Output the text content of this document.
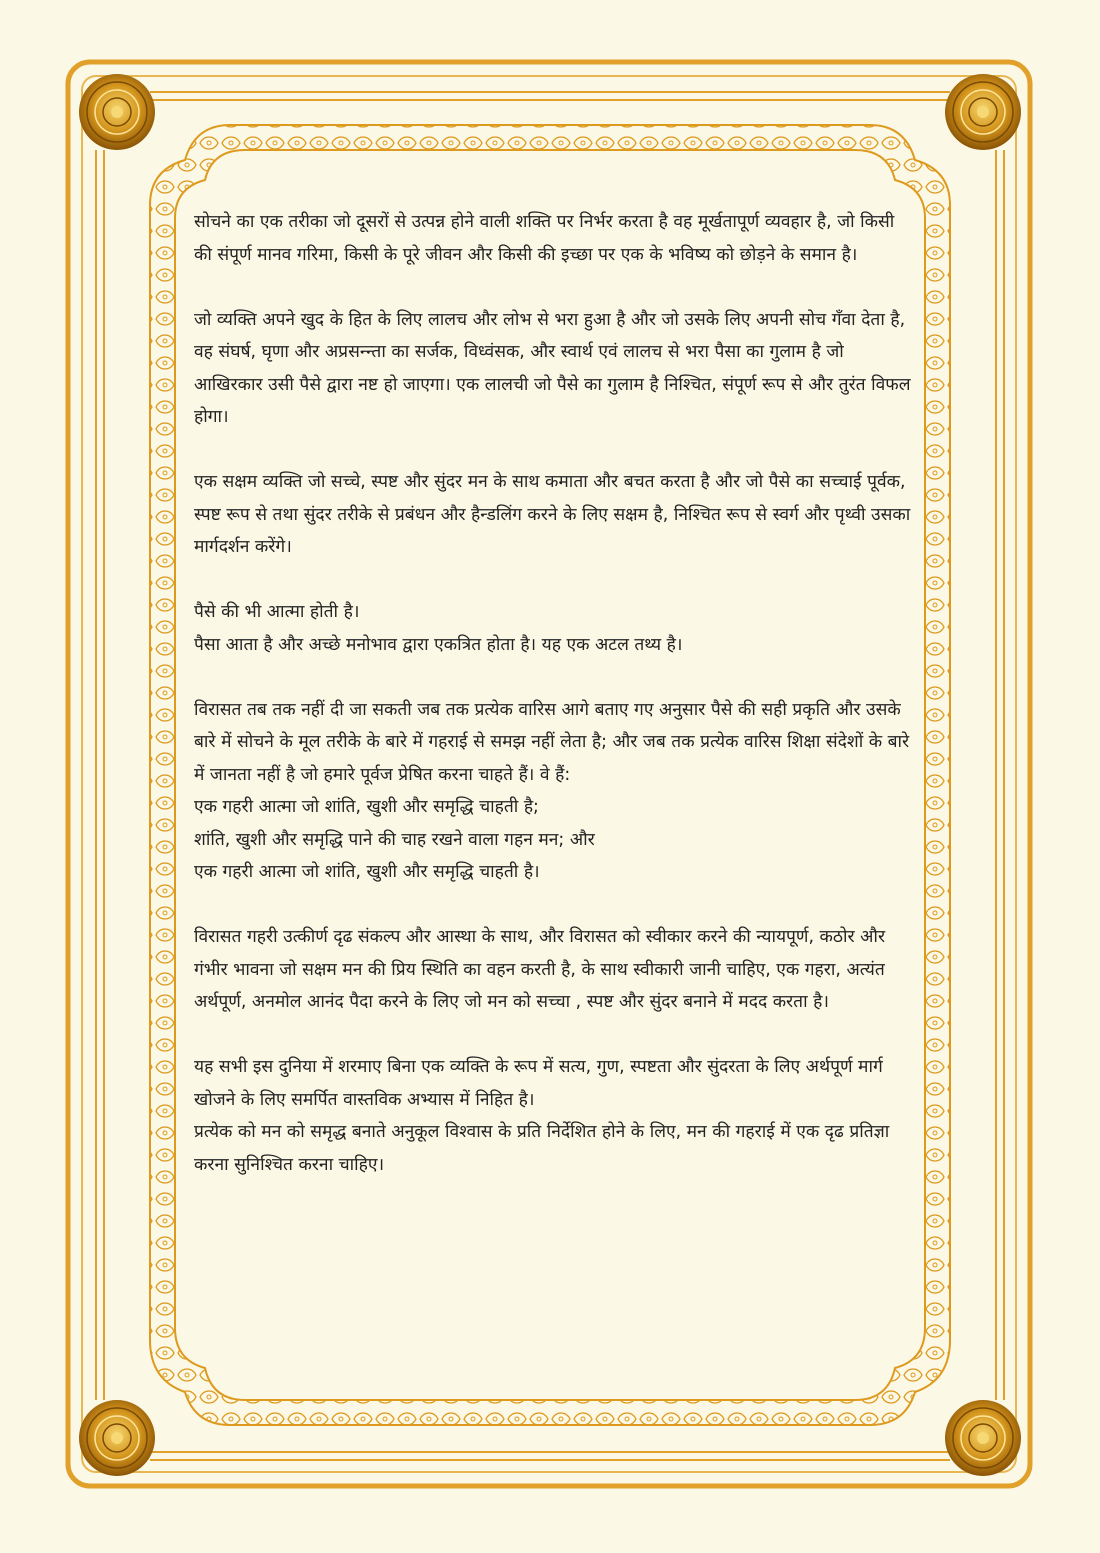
सोचने का एक तरीका जो दूसरों से उत्पन्न होने वाली शक्ति पर निर्भर करता है वह मूर्खतापूर्ण व्यवहार है, जो किसी की संपूर्ण मानव गरिमा, किसी के पूरे जीवन और किसी की इच्छा पर एक के भविष्य को छोड़ने के समान है।

जो व्यक्ति अपने खुद के हित के लिए लालच और लोभ से भरा हुआ है और जो उसके लिए अपनी सोच गँवा देता है, वह संघर्ष, घृणा और अप्रसन्न्ता का सर्जक, विध्वंसक, और स्वार्थ एवं लालच से भरा पैसा का गुलाम है जो आखिरकार उसी पैसे द्वारा नष्ट हो जाएगा। एक लालची जो पैसे का गुलाम है निश्चित, संपूर्ण रूप से और तुरंत विफल होगा।

एक सक्षम व्यक्ति जो सच्चे, स्पष्ट और सुंदर मन के साथ कमाता और बचत करता है और जो पैसे का सच्चाई पूर्वक, स्पष्ट रूप से तथा सुंदर तरीके से प्रबंधन और हैन्डलिंग करने के लिए सक्षम है, निश्चित रूप से स्वर्ग और पृथ्वी उसका मार्गदर्शन करेंगे।

पैसे की भी आत्मा होती है।
पैसा आता है और अच्छे मनोभाव द्वारा एकत्रित होता है। यह एक अटल तथ्य है।

विरासत तब तक नहीं दी जा सकती जब तक प्रत्येक वारिस आगे बताए गए अनुसार पैसे की सही प्रकृति और उसके बारे में सोचने के मूल तरीके के बारे में गहराई से समझ नहीं लेता है; और जब तक प्रत्येक वारिस शिक्षा संदेशों के बारे में जानता नहीं है जो हमारे पूर्वज प्रेषित करना चाहते हैं। वे हैं:
एक गहरी आत्मा जो शांति, खुशी और समृद्धि चाहती है;
शांति, खुशी और समृद्धि पाने की चाह रखने वाला गहन मन; और
एक गहरी आत्मा जो शांति, खुशी और समृद्धि चाहती है।

विरासत गहरी उत्कीर्ण दृढ संकल्प और आस्था के साथ, और विरासत को स्वीकार करने की न्यायपूर्ण, कठोर और गंभीर भावना जो सक्षम मन की प्रिय स्थिति का वहन करती है, के साथ स्वीकारी जानी चाहिए, एक गहरा, अत्यंत अर्थपूर्ण, अनमोल आनंद पैदा करने के लिए जो मन को सच्चा , स्पष्ट और सुंदर बनाने में मदद करता है।

यह सभी इस दुनिया में शरमाए बिना एक व्यक्ति के रूप में सत्य, गुण, स्पष्टता और सुंदरता के लिए अर्थपूर्ण मार्ग खोजने के लिए समर्पित वास्तविक अभ्यास में निहित है।
प्रत्येक को मन को समृद्ध बनाते अनुकूल विश्वास के प्रति निर्देशित होने के लिए, मन की गहराई में एक दृढ प्रतिज्ञा करना सुनिश्चित करना चाहिए।
